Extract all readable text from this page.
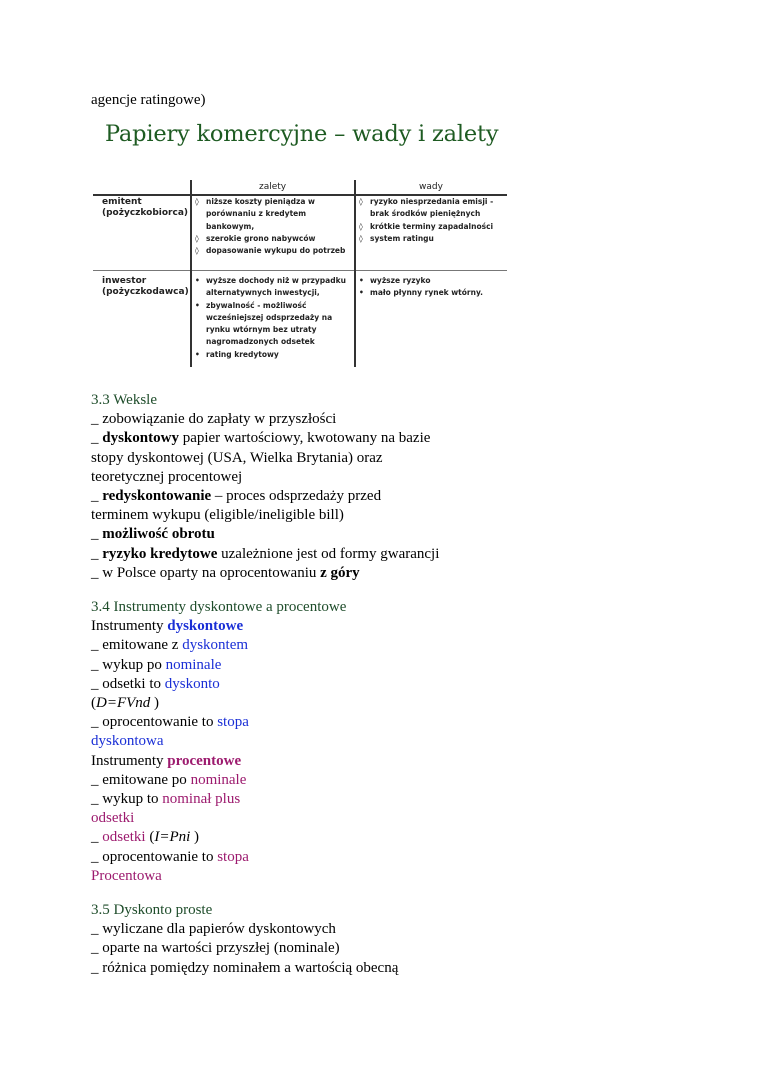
agencje ratingowe)
Papiery komercyjne – wady i zalety
zalety	wady
emitent
(pożyczkobiorca)
inwestor
(pożyczkodawca)
◊ niższe koszty pieniądza w porównaniu z kredytem bankowym,
◊ szerokie grono nabywców
◊ dopasowanie wykupu do potrzeb
◊ ryzyko niesprzedania emisji - brak środków pieniężnych
◊ krótkie terminy zapadalności
◊ system ratingu
• wyższe dochody niż w przypadku alternatywnych inwestycji,
• zbywalność - możliwość wcześniejszej odsprzedaży na rynku wtórnym bez utraty nagromadzonych odsetek
• rating kredytowy
• wyższe ryzyko
• mało płynny rynek wtórny.
3.3 Weksle
_ zobowiązanie do zapłaty w przyszłości
_ dyskontowy papier wartościowy, kwotowany na bazie
stopy dyskontowej (USA, Wielka Brytania) oraz
teoretycznej procentowej
_ redyskontowanie – proces odsprzedaży przed
terminem wykupu (eligible/ineligible bill)
_ możliwość obrotu
_ ryzyko kredytowe uzależnione jest od formy gwarancji
_ w Polsce oparty na oprocentowaniu z góry
3.4 Instrumenty dyskontowe a procentowe
Instrumenty dyskontowe
_ emitowane z dyskontem
_ wykup po nominale
_ odsetki to dyskonto
(D=FVnd )
_ oprocentowanie to stopa
dyskontowa
Instrumenty procentowe
_ emitowane po nominale
_ wykup to nominał plus
odsetki
_ odsetki (I=Pni )
_ oprocentowanie to stopa
Procentowa
3.5 Dyskonto proste
_ wyliczane dla papierów dyskontowych
_ oparte na wartości przyszłej (nominale)
_ różnica pomiędzy nominałem a wartością obecną
